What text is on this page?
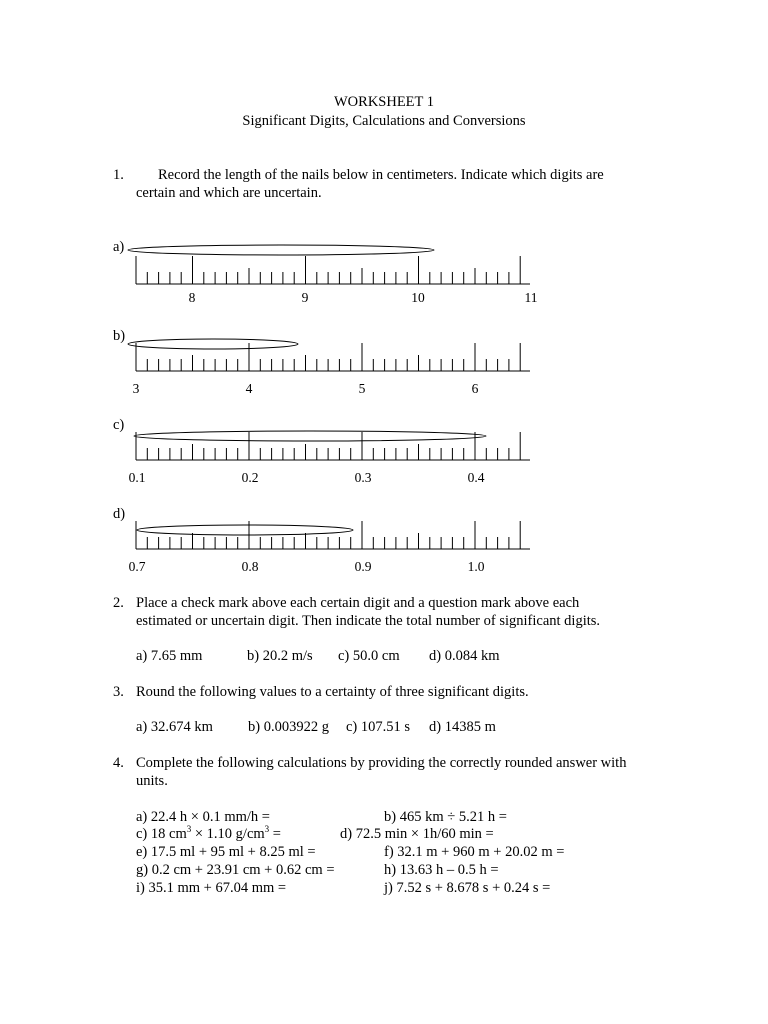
WORKSHEET 1
Significant Digits, Calculations and Conversions
1. Record the length of the nails below in centimeters. Indicate which digits are
certain and which are uncertain.
a)
8	9	10	11
b)
3	4	5	6
c)
0.1	0.2	0.3	0.4
d)
0.7	0.8	0.9	1.0
2. Place a check mark above each certain digit and a question mark above each
estimated or uncertain digit. Then indicate the total number of significant digits.
a) 7.65 mm	b) 20.2 m/s c) 50.0 cm d) 0.084 km
3. Round the following values to a certainty of three significant digits.
a) 32.674 km b) 0.003922 g c) 107.51 s d) 14385 m
4. Complete the following calculations by providing the correctly rounded answer with
units.
a) 22.4 h × 0.1 mm/h =	b) 465 km ÷ 5.21 h =
c) 18 $cm^3 \times 1.10$ $g/cm^3$ =	d) 72.5 min × 1h/60 min =
e) 17.5 ml + 95 ml + 8.25 ml =	f) 32.1 m + 960 m + 20.02 m =
g) 0.2 cm + 23.91 cm + 0.62 cm =	h) 13.63 h – 0.5 h =
i) 35.1 mm + 67.04 mm =	j) 7.52 s + 8.678 s + 0.24 s =
